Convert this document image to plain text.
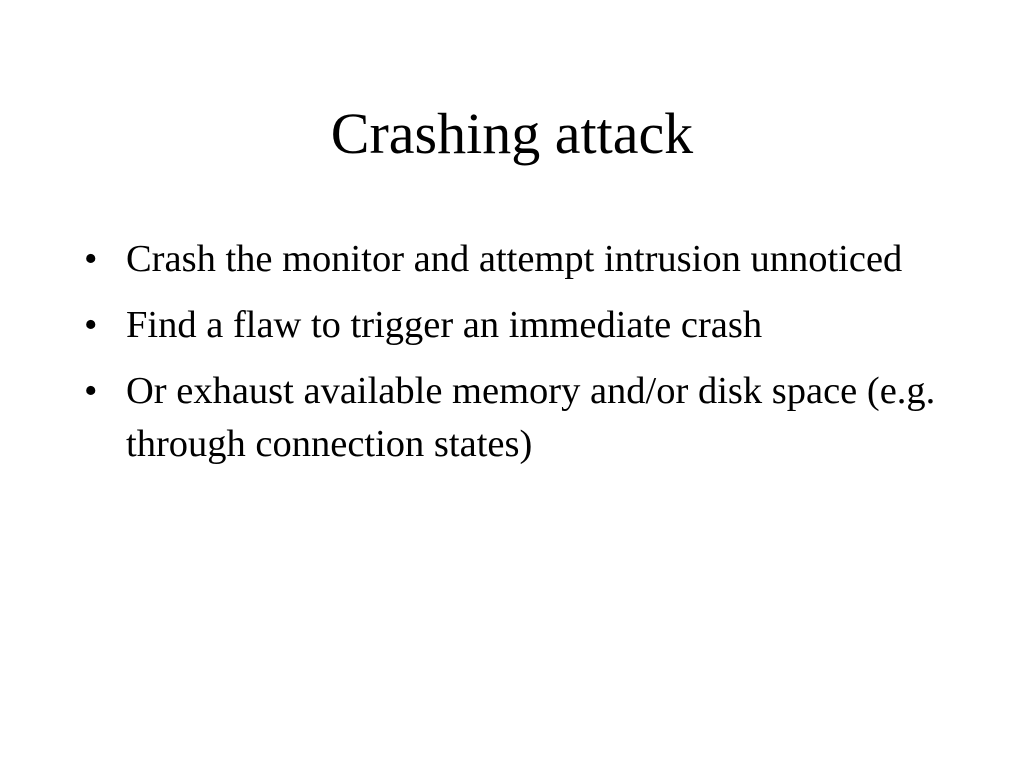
Crashing attack
• Crash the monitor and attempt intrusion unnoticed
• Find a flaw to trigger an immediate crash
• Or exhaust available memory and/or disk space (e.g. through connection states)
